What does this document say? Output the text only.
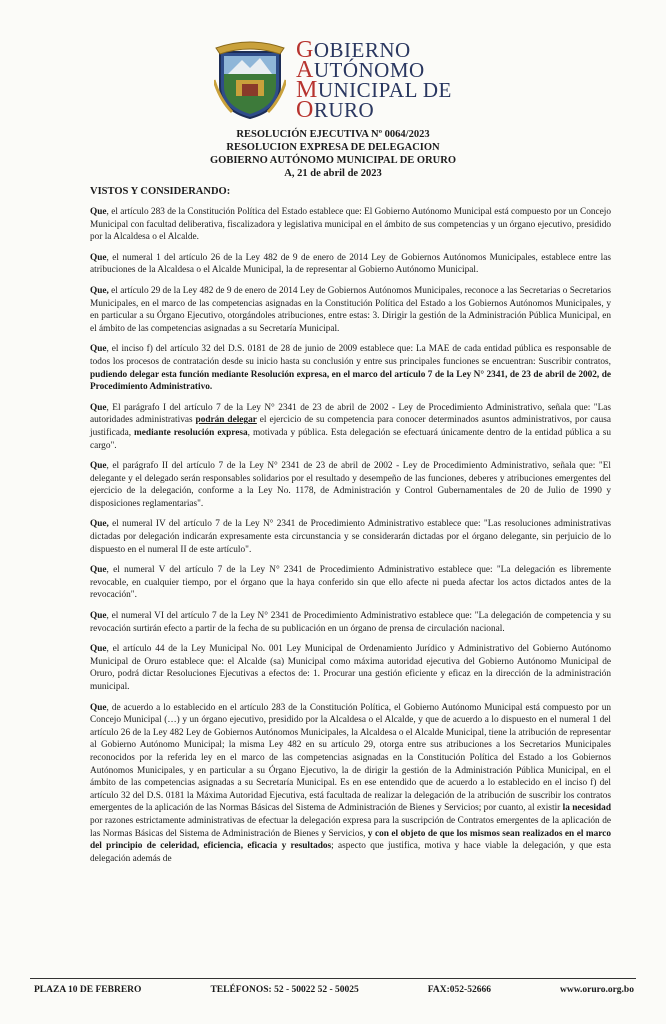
GOBIERNO
AUTÓNOMO
MUNICIPAL DE
ORURO
RESOLUCIÓN EJECUTIVA Nº 0064/2023
RESOLUCION EXPRESA DE DELEGACION
GOBIERNO AUTÓNOMO MUNICIPAL DE ORURO
A, 21 de abril de 2023
VISTOS Y CONSIDERANDO:

Que, el artículo 283 de la Constitución Política del Estado establece que: El Gobierno Autónomo Municipal está compuesto por un Concejo Municipal con facultad deliberativa, fiscalizadora y legislativa municipal en el ámbito de sus competencias y un órgano ejecutivo, presidido por la Alcaldesa o el Alcalde.

Que, el numeral 1 del artículo 26 de la Ley 482 de 9 de enero de 2014 Ley de Gobiernos Autónomos Municipales, establece entre las atribuciones de la Alcaldesa o el Alcalde Municipal, la de representar al Gobierno Autónomo Municipal.

Que, el artículo 29 de la Ley 482 de 9 de enero de 2014 Ley de Gobiernos Autónomos Municipales, reconoce a las Secretarias o Secretarios Municipales, en el marco de las competencias asignadas en la Constitución Política del Estado a los Gobiernos Autónomos Municipales, y en particular a su Órgano Ejecutivo, otorgándoles atribuciones, entre estas: 3. Dirigir la gestión de la Administración Pública Municipal, en el ámbito de las competencias asignadas a su Secretaría Municipal.

Que, el inciso f) del artículo 32 del D.S. 0181 de 28 de junio de 2009 establece que: La MAE de cada entidad pública es responsable de todos los procesos de contratación desde su inicio hasta su conclusión y entre sus principales funciones se encuentran: Suscribir contratos, pudiendo delegar esta función mediante Resolución expresa, en el marco del artículo 7 de la Ley N° 2341, de 23 de abril de 2002, de Procedimiento Administrativo.

Que, El parágrafo I del artículo 7 de la Ley N° 2341 de 23 de abril de 2002 - Ley de Procedimiento Administrativo, señala que: "Las autoridades administrativas podrán delegar el ejercicio de su competencia para conocer determinados asuntos administrativos, por causa justificada, mediante resolución expresa, motivada y pública. Esta delegación se efectuará únicamente dentro de la entidad pública a su cargo".

Que, el parágrafo II del artículo 7 de la Ley N° 2341 de 23 de abril de 2002 - Ley de Procedimiento Administrativo, señala que: "El delegante y el delegado serán responsables solidarios por el resultado y desempeño de las funciones, deberes y atribuciones emergentes del ejercicio de la delegación, conforme a la Ley No. 1178, de Administración y Control Gubernamentales de 20 de Julio de 1990 y disposiciones reglamentarias".

Que, el numeral IV del artículo 7 de la Ley N° 2341 de Procedimiento Administrativo establece que: "Las resoluciones administrativas dictadas por delegación indicarán expresamente esta circunstancia y se considerarán dictadas por el órgano delegante, sin perjuicio de lo dispuesto en el numeral II de este artículo".

Que, el numeral V del artículo 7 de la Ley N° 2341 de Procedimiento Administrativo establece que: "La delegación es libremente revocable, en cualquier tiempo, por el órgano que la haya conferido sin que ello afecte ni pueda afectar los actos dictados antes de la revocación".

Que, el numeral VI del artículo 7 de la Ley N° 2341 de Procedimiento Administrativo establece que: "La delegación de competencia y su revocación surtirán efecto a partir de la fecha de su publicación en un órgano de prensa de circulación nacional.

Que, el artículo 44 de la Ley Municipal No. 001 Ley Municipal de Ordenamiento Jurídico y Administrativo del Gobierno Autónomo Municipal de Oruro establece que: el Alcalde (sa) Municipal como máxima autoridad ejecutiva del Gobierno Autónomo Municipal de Oruro, podrá dictar Resoluciones Ejecutivas a efectos de: 1. Procurar una gestión eficiente y eficaz en la dirección de la administración municipal.

Que, de acuerdo a lo establecido en el artículo 283 de la Constitución Política, el Gobierno Autónomo Municipal está compuesto por un Concejo Municipal (…) y un órgano ejecutivo, presidido por la Alcaldesa o el Alcalde, y que de acuerdo a lo dispuesto en el numeral 1 del artículo 26 de la Ley 482 Ley de Gobiernos Autónomos Municipales, la Alcaldesa o el Alcalde Municipal, tiene la atribución de representar al Gobierno Autónomo Municipal; la misma Ley 482 en su artículo 29, otorga entre sus atribuciones a los Secretarios Municipales reconocidos por la referida ley en el marco de las competencias asignadas en la Constitución Política del Estado a los Gobiernos Autónomos Municipales, y en particular a su Órgano Ejecutivo, la de dirigir la gestión de la Administración Pública Municipal, en el ámbito de las competencias asignadas a su Secretaría Municipal. Es en ese entendido que de acuerdo a lo establecido en el inciso f) del artículo 32 del D.S. 0181 la Máxima Autoridad Ejecutiva, está facultada de realizar la delegación de la atribución de suscribir los contratos emergentes de la aplicación de las Normas Básicas del Sistema de Administración de Bienes y Servicios; por cuanto, al existir la necesidad por razones estrictamente administrativas de efectuar la delegación expresa para la suscripción de Contratos emergentes de la aplicación de las Normas Básicas del Sistema de Administración de Bienes y Servicios, y con el objeto de que los mismos sean realizados en el marco del principio de celeridad, eficiencia, eficacia y resultados; aspecto que justifica, motiva y hace viable la delegación, y que esta delegación además de

PLAZA 10 DE FEBRERO	TELÉFONOS: 52 - 50022 52 - 50025	FAX:052-52666	www.oruro.org.bo
